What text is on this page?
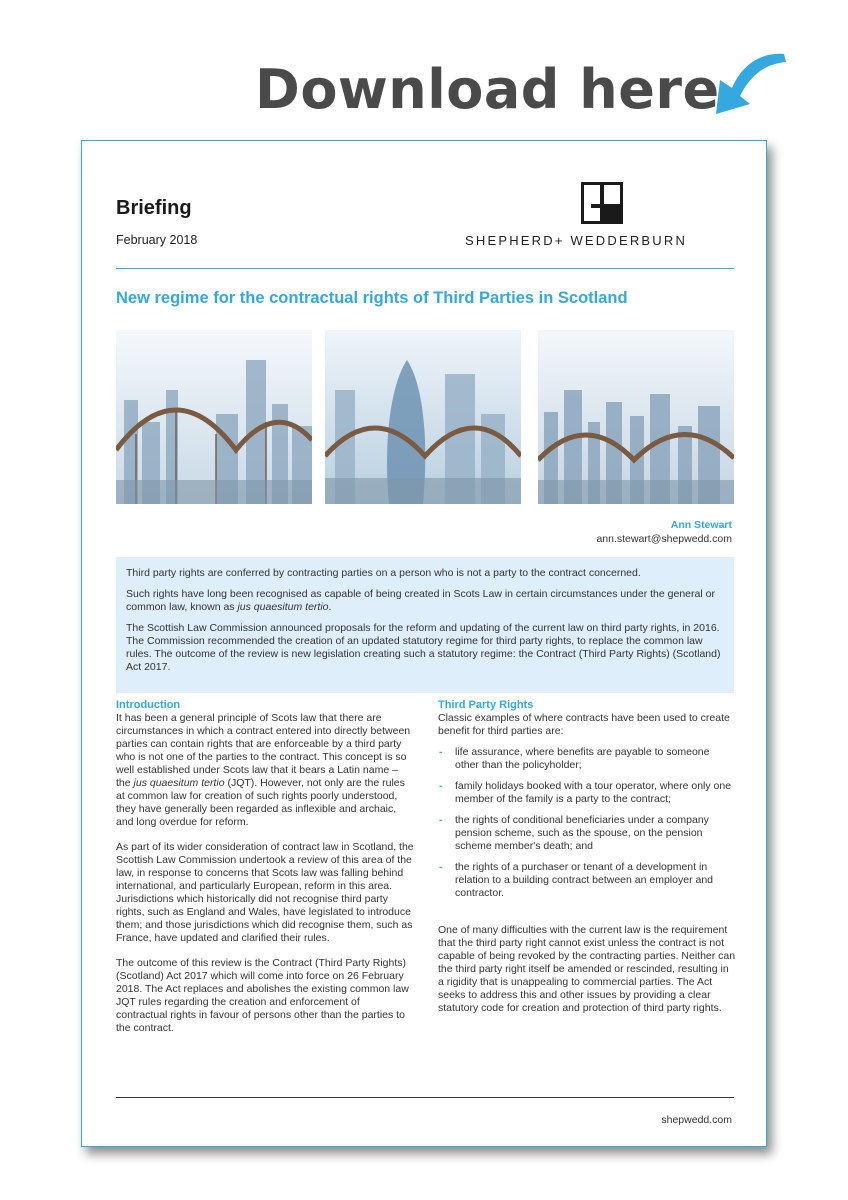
Download here
Briefing
February 2018	SHEPHERD+ WEDDERBURN
New regime for the contractual rights of Third Parties in Scotland
Ann Stewart
ann.stewart@shepwedd.com

Third party rights are conferred by contracting parties on a person who is not a party to the contract concerned.

Such rights have long been recognised as capable of being created in Scots Law in certain circumstances under the general or common law, known as jus quaesitum tertio.

The Scottish Law Commission announced proposals for the reform and updating of the current law on third party rights, in 2016. The Commission recommended the creation of an updated statutory regime for third party rights, to replace the common law rules. The outcome of the review is new legislation creating such a statutory regime: the Contract (Third Party Rights) (Scotland) Act 2017.

Introduction

It has been a general principle of Scots law that there are circumstances in which a contract entered into directly between parties can contain rights that are enforceable by a third party who is not one of the parties to the contract. This concept is so well established under Scots law that it bears a Latin name – the jus quaesitum tertio (JQT). However, not only are the rules at common law for creation of such rights poorly understood, they have generally been regarded as inflexible and archaic, and long overdue for reform.

As part of its wider consideration of contract law in Scotland, the Scottish Law Commission undertook a review of this area of the law, in response to concerns that Scots law was falling behind international, and particularly European, reform in this area. Jurisdictions which historically did not recognise third party rights, such as England and Wales, have legislated to introduce them; and those jurisdictions which did recognise them, such as France, have updated and clarified their rules.

The outcome of this review is the Contract (Third Party Rights) (Scotland) Act 2017 which will come into force on 26 February 2018. The Act replaces and abolishes the existing common law JQT rules regarding the creation and enforcement of contractual rights in favour of persons other than the parties to the contract.

Third Party Rights

Classic examples of where contracts have been used to create benefit for third parties are:

- life assurance, where benefits are payable to someone other than the policyholder;
- family holidays booked with a tour operator, where only one member of the family is a party to the contract;
- the rights of conditional beneficiaries under a company pension scheme, such as the spouse, on the pension scheme member's death; and
- the rights of a purchaser or tenant of a development in relation to a building contract between an employer and contractor.

One of many difficulties with the current law is the requirement that the third party right cannot exist unless the contract is not capable of being revoked by the contracting parties. Neither can the third party right itself be amended or rescinded, resulting in a rigidity that is unappealing to commercial parties. The Act seeks to address this and other issues by providing a clear statutory code for creation and protection of third party rights.

shepwedd.com
